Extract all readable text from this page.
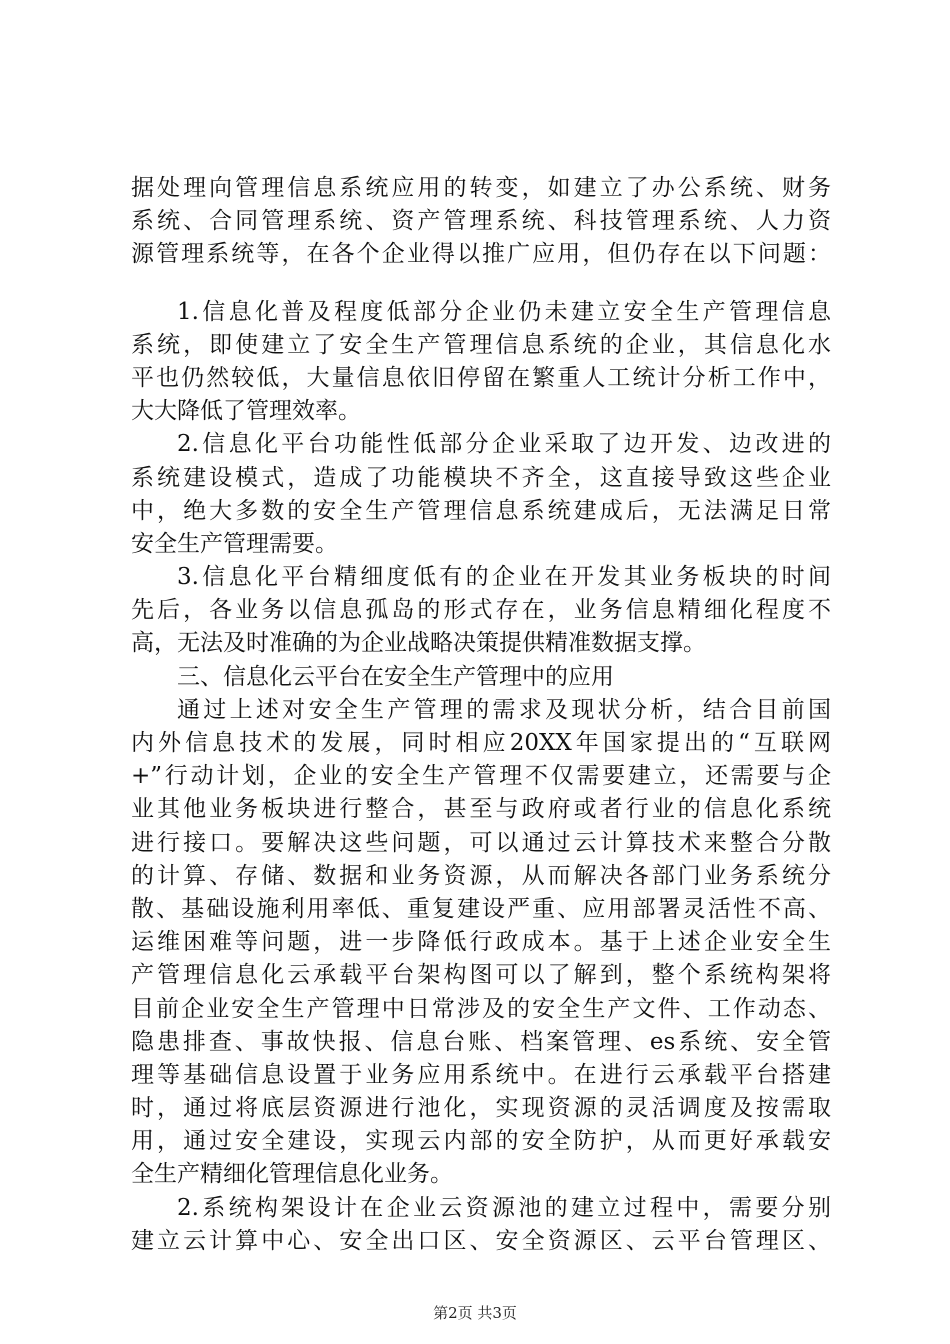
据处理向管理信息系统应用的转变，如建立了办公系统、财务
系统、合同管理系统、资产管理系统、科技管理系统、人力资
源管理系统等，在各个企业得以推广应用，但仍存在以下问题：
1.信息化普及程度低部分企业仍未建立安全生产管理信息
系统，即使建立了安全生产管理信息系统的企业，其信息化水
平也仍然较低，大量信息依旧停留在繁重人工统计分析工作中，
大大降低了管理效率。
2.信息化平台功能性低部分企业采取了边开发、边改进的
系统建设模式，造成了功能模块不齐全，这直接导致这些企业
中，绝大多数的安全生产管理信息系统建成后，无法满足日常
安全生产管理需要。
3.信息化平台精细度低有的企业在开发其业务板块的时间
先后，各业务以信息孤岛的形式存在，业务信息精细化程度不
高，无法及时准确的为企业战略决策提供精准数据支撑。
三、信息化云平台在安全生产管理中的应用
通过上述对安全生产管理的需求及现状分析，结合目前国
内外信息技术的发展，同时相应20XX年国家提出的“互联网
+”行动计划，企业的安全生产管理不仅需要建立，还需要与企
业其他业务板块进行整合，甚至与政府或者行业的信息化系统
进行接口。要解决这些问题，可以通过云计算技术来整合分散
的计算、存储、数据和业务资源，从而解决各部门业务系统分
散、基础设施利用率低、重复建设严重、应用部署灵活性不高、
运维困难等问题，进一步降低行政成本。基于上述企业安全生
产管理信息化云承载平台架构图可以了解到，整个系统构架将
目前企业安全生产管理中日常涉及的安全生产文件、工作动态、
隐患排查、事故快报、信息台账、档案管理、es系统、安全管
理等基础信息设置于业务应用系统中。在进行云承载平台搭建
时，通过将底层资源进行池化，实现资源的灵活调度及按需取
用，通过安全建设，实现云内部的安全防护，从而更好承载安
全生产精细化管理信息化业务。
2.系统构架设计在企业云资源池的建立过程中，需要分别
建立云计算中心、安全出口区、安全资源区、云平台管理区、
第2页 共3页
